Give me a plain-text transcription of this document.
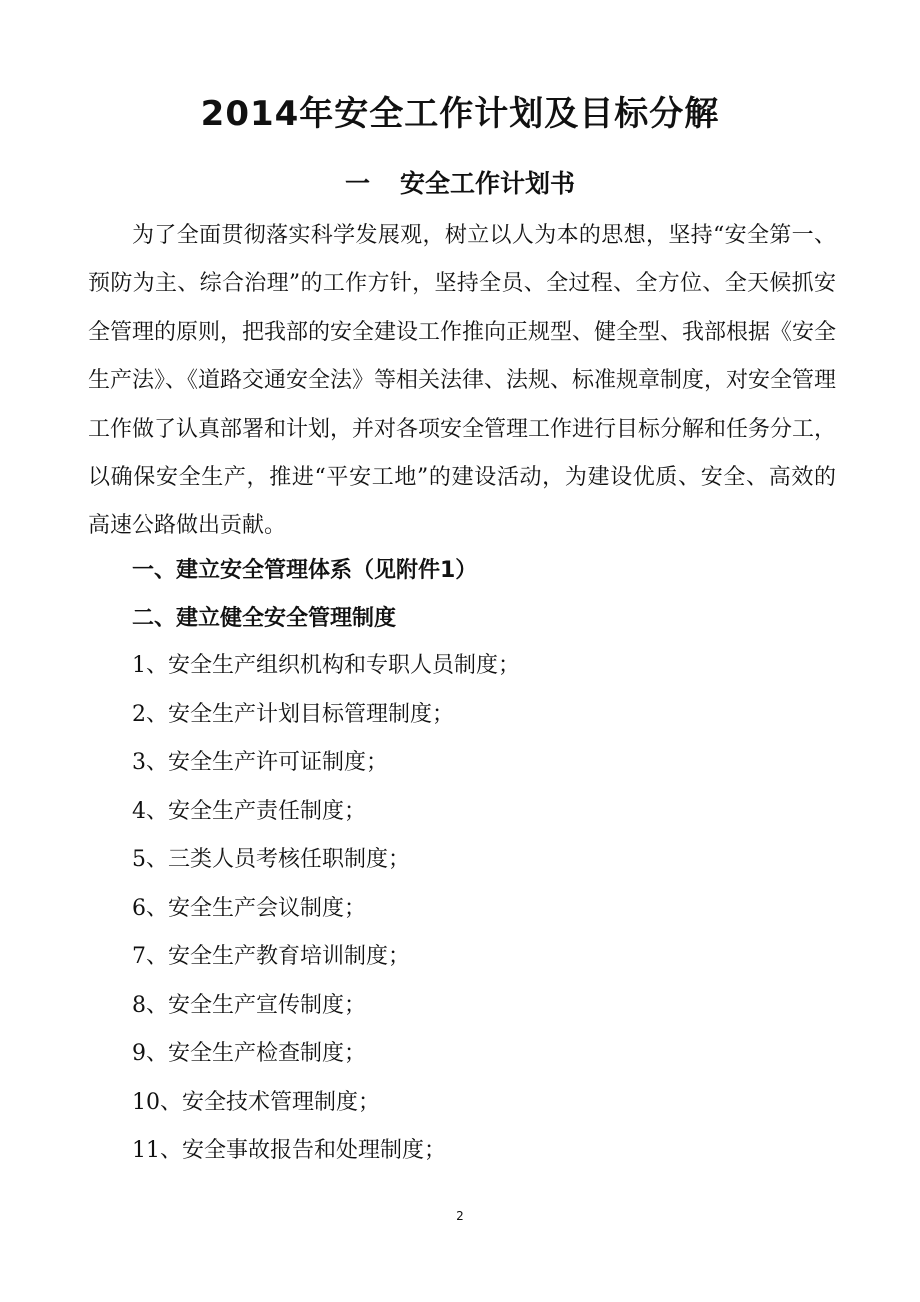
2014年安全工作计划及目标分解
一 安全工作计划书

为了全面贯彻落实科学发展观，树立以人为本的思想，坚持“安全第一、预防为主、综合治理”的工作方针，坚持全员、全过程、全方位、全天候抓安全管理的原则，把我部的安全建设工作推向正规型、健全型、我部根据《安全生产法》、《道路交通安全法》等相关法律、法规、标准规章制度，对安全管理工作做了认真部署和计划，并对各项安全管理工作进行目标分解和任务分工，以确保安全生产，推进“平安工地”的建设活动，为建设优质、安全、高效的高速公路做出贡献。

一、建立安全管理体系（见附件1）
二、建立健全安全管理制度
1、安全生产组织机构和专职人员制度；
2、安全生产计划目标管理制度；
3、安全生产许可证制度；
4、安全生产责任制度；
5、三类人员考核任职制度；
6、安全生产会议制度；
7、安全生产教育培训制度；
8、安全生产宣传制度；
9、安全生产检查制度；
10、安全技术管理制度；
11、安全事故报告和处理制度；
2
